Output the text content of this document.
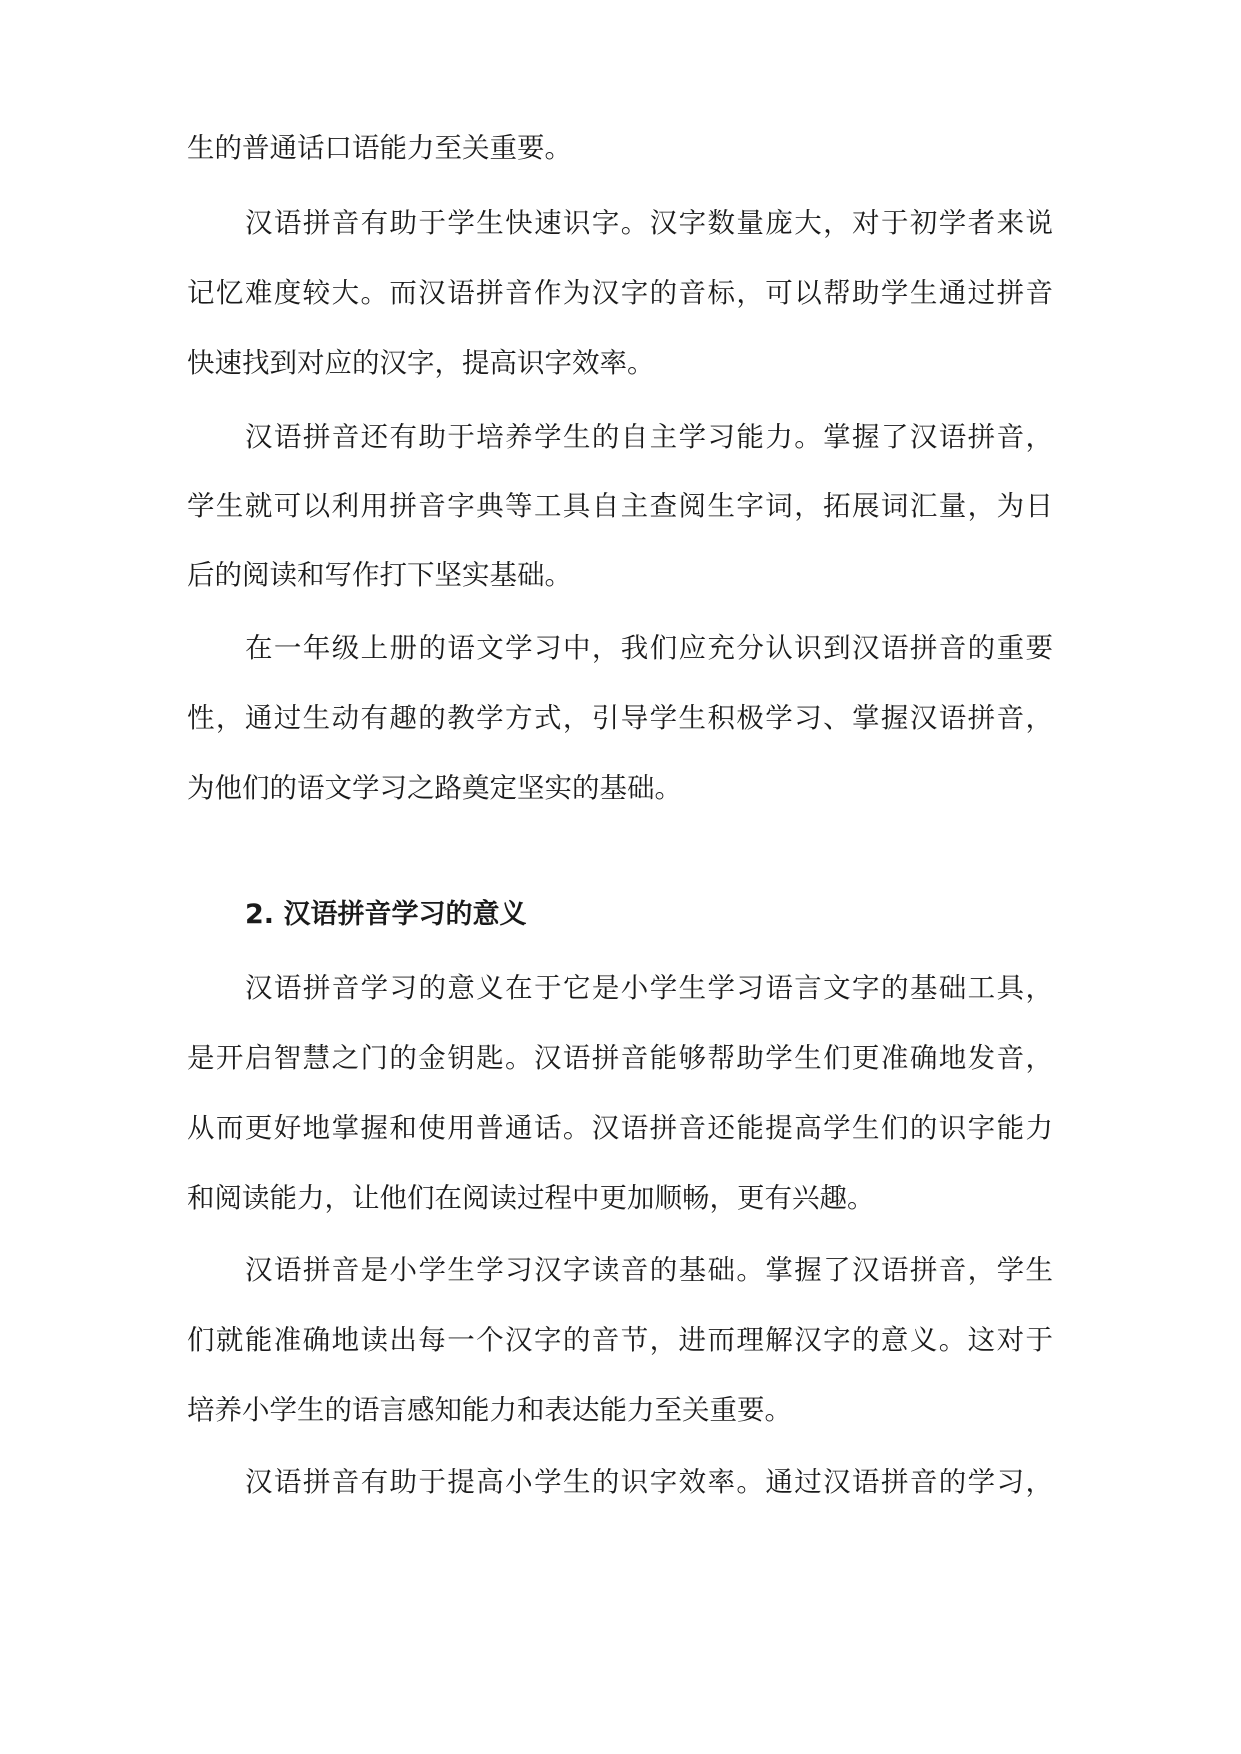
生的普通话口语能力至关重要。
汉语拼音有助于学生快速识字。汉字数量庞大，对于初学者来说
记忆难度较大。而汉语拼音作为汉字的音标，可以帮助学生通过拼音
快速找到对应的汉字，提高识字效率。
汉语拼音还有助于培养学生的自主学习能力。掌握了汉语拼音，
学生就可以利用拼音字典等工具自主查阅生字词，拓展词汇量，为日
后的阅读和写作打下坚实基础。
在一年级上册的语文学习中，我们应充分认识到汉语拼音的重要
性，通过生动有趣的教学方式，引导学生积极学习、掌握汉语拼音，
为他们的语文学习之路奠定坚实的基础。
2. 汉语拼音学习的意义
汉语拼音学习的意义在于它是小学生学习语言文字的基础工具，
是开启智慧之门的金钥匙。汉语拼音能够帮助学生们更准确地发音，
从而更好地掌握和使用普通话。汉语拼音还能提高学生们的识字能力
和阅读能力，让他们在阅读过程中更加顺畅，更有兴趣。
汉语拼音是小学生学习汉字读音的基础。掌握了汉语拼音，学生
们就能准确地读出每一个汉字的音节，进而理解汉字的意义。这对于
培养小学生的语言感知能力和表达能力至关重要。
汉语拼音有助于提高小学生的识字效率。通过汉语拼音的学习，
